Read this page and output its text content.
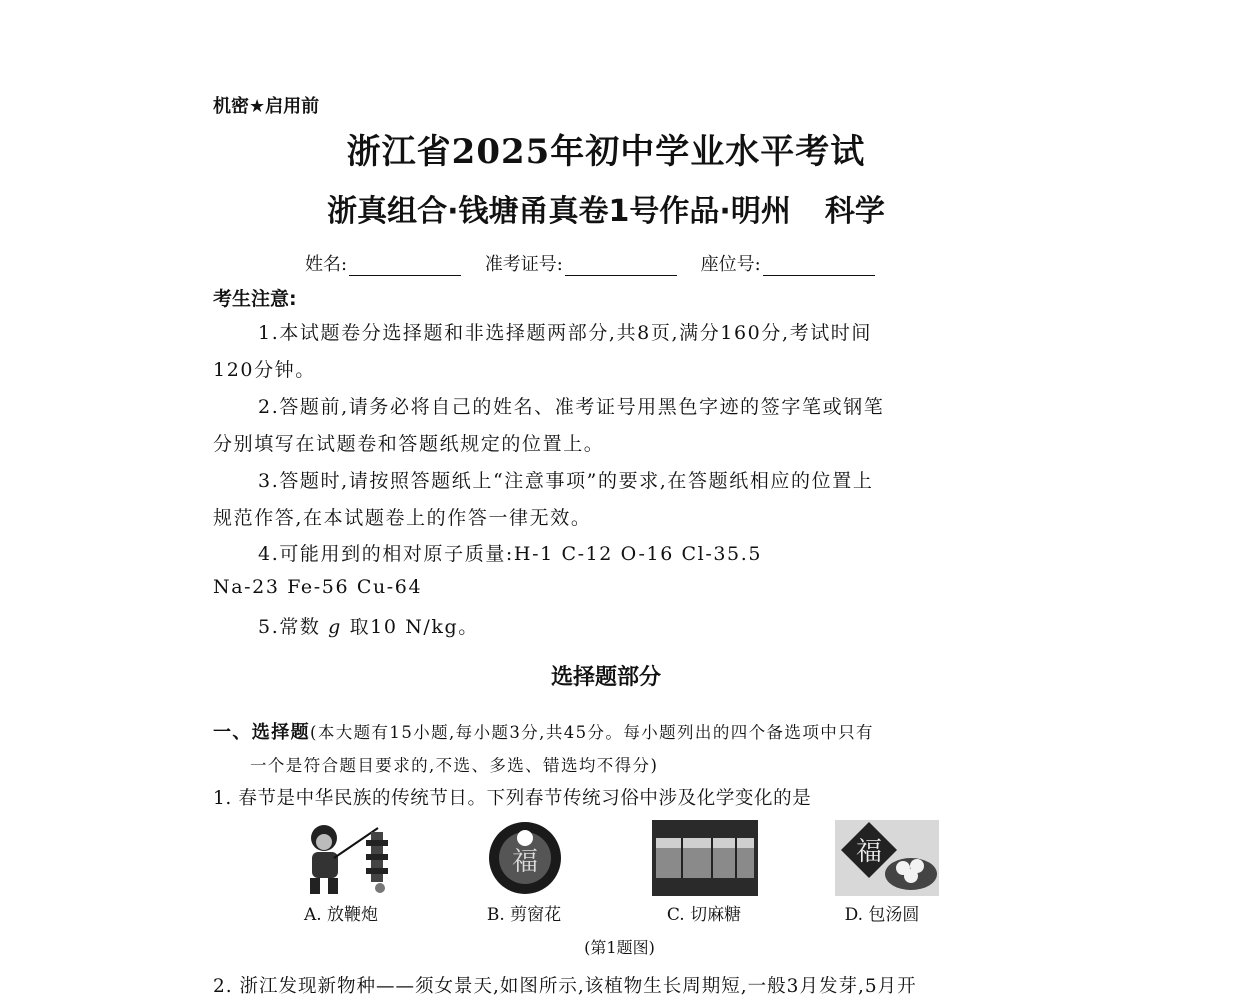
机密★启用前
浙江省2025年初中学业水平考试
浙真组合·钱塘甬真卷1号作品·明州 科学
姓名:	准考证号:	座位号:
考生注意:
1.本试题卷分选择题和非选择题两部分,共8页,满分160分,考试时间
120分钟。
2.答题前,请务必将自己的姓名、准考证号用黑色字迹的签字笔或钢笔
分别填写在试题卷和答题纸规定的位置上。
3.答题时,请按照答题纸上“注意事项”的要求,在答题纸相应的位置上
规范作答,在本试题卷上的作答一律无效。
4.可能用到的相对原子质量:H-1 C-12 O-16 Cl-35.5
Na-23 Fe-56 Cu-64
5.常数 g 取10 N/kg。
选择题部分
一、选择题(本大题有15小题,每小题3分,共45分。每小题列出的四个备选项中只有
一个是符合题目要求的,不选、多选、错选均不得分)
1. 春节是中华民族的传统节日。下列春节传统习俗中涉及化学变化的是
福	福
A. 放鞭炮	B. 剪窗花	C. 切麻糖	D. 包汤圆
(第1题图)
2. 浙江发现新物种——须女景天,如图所示,该植物生长周期短,一般3月发芽,5月开
